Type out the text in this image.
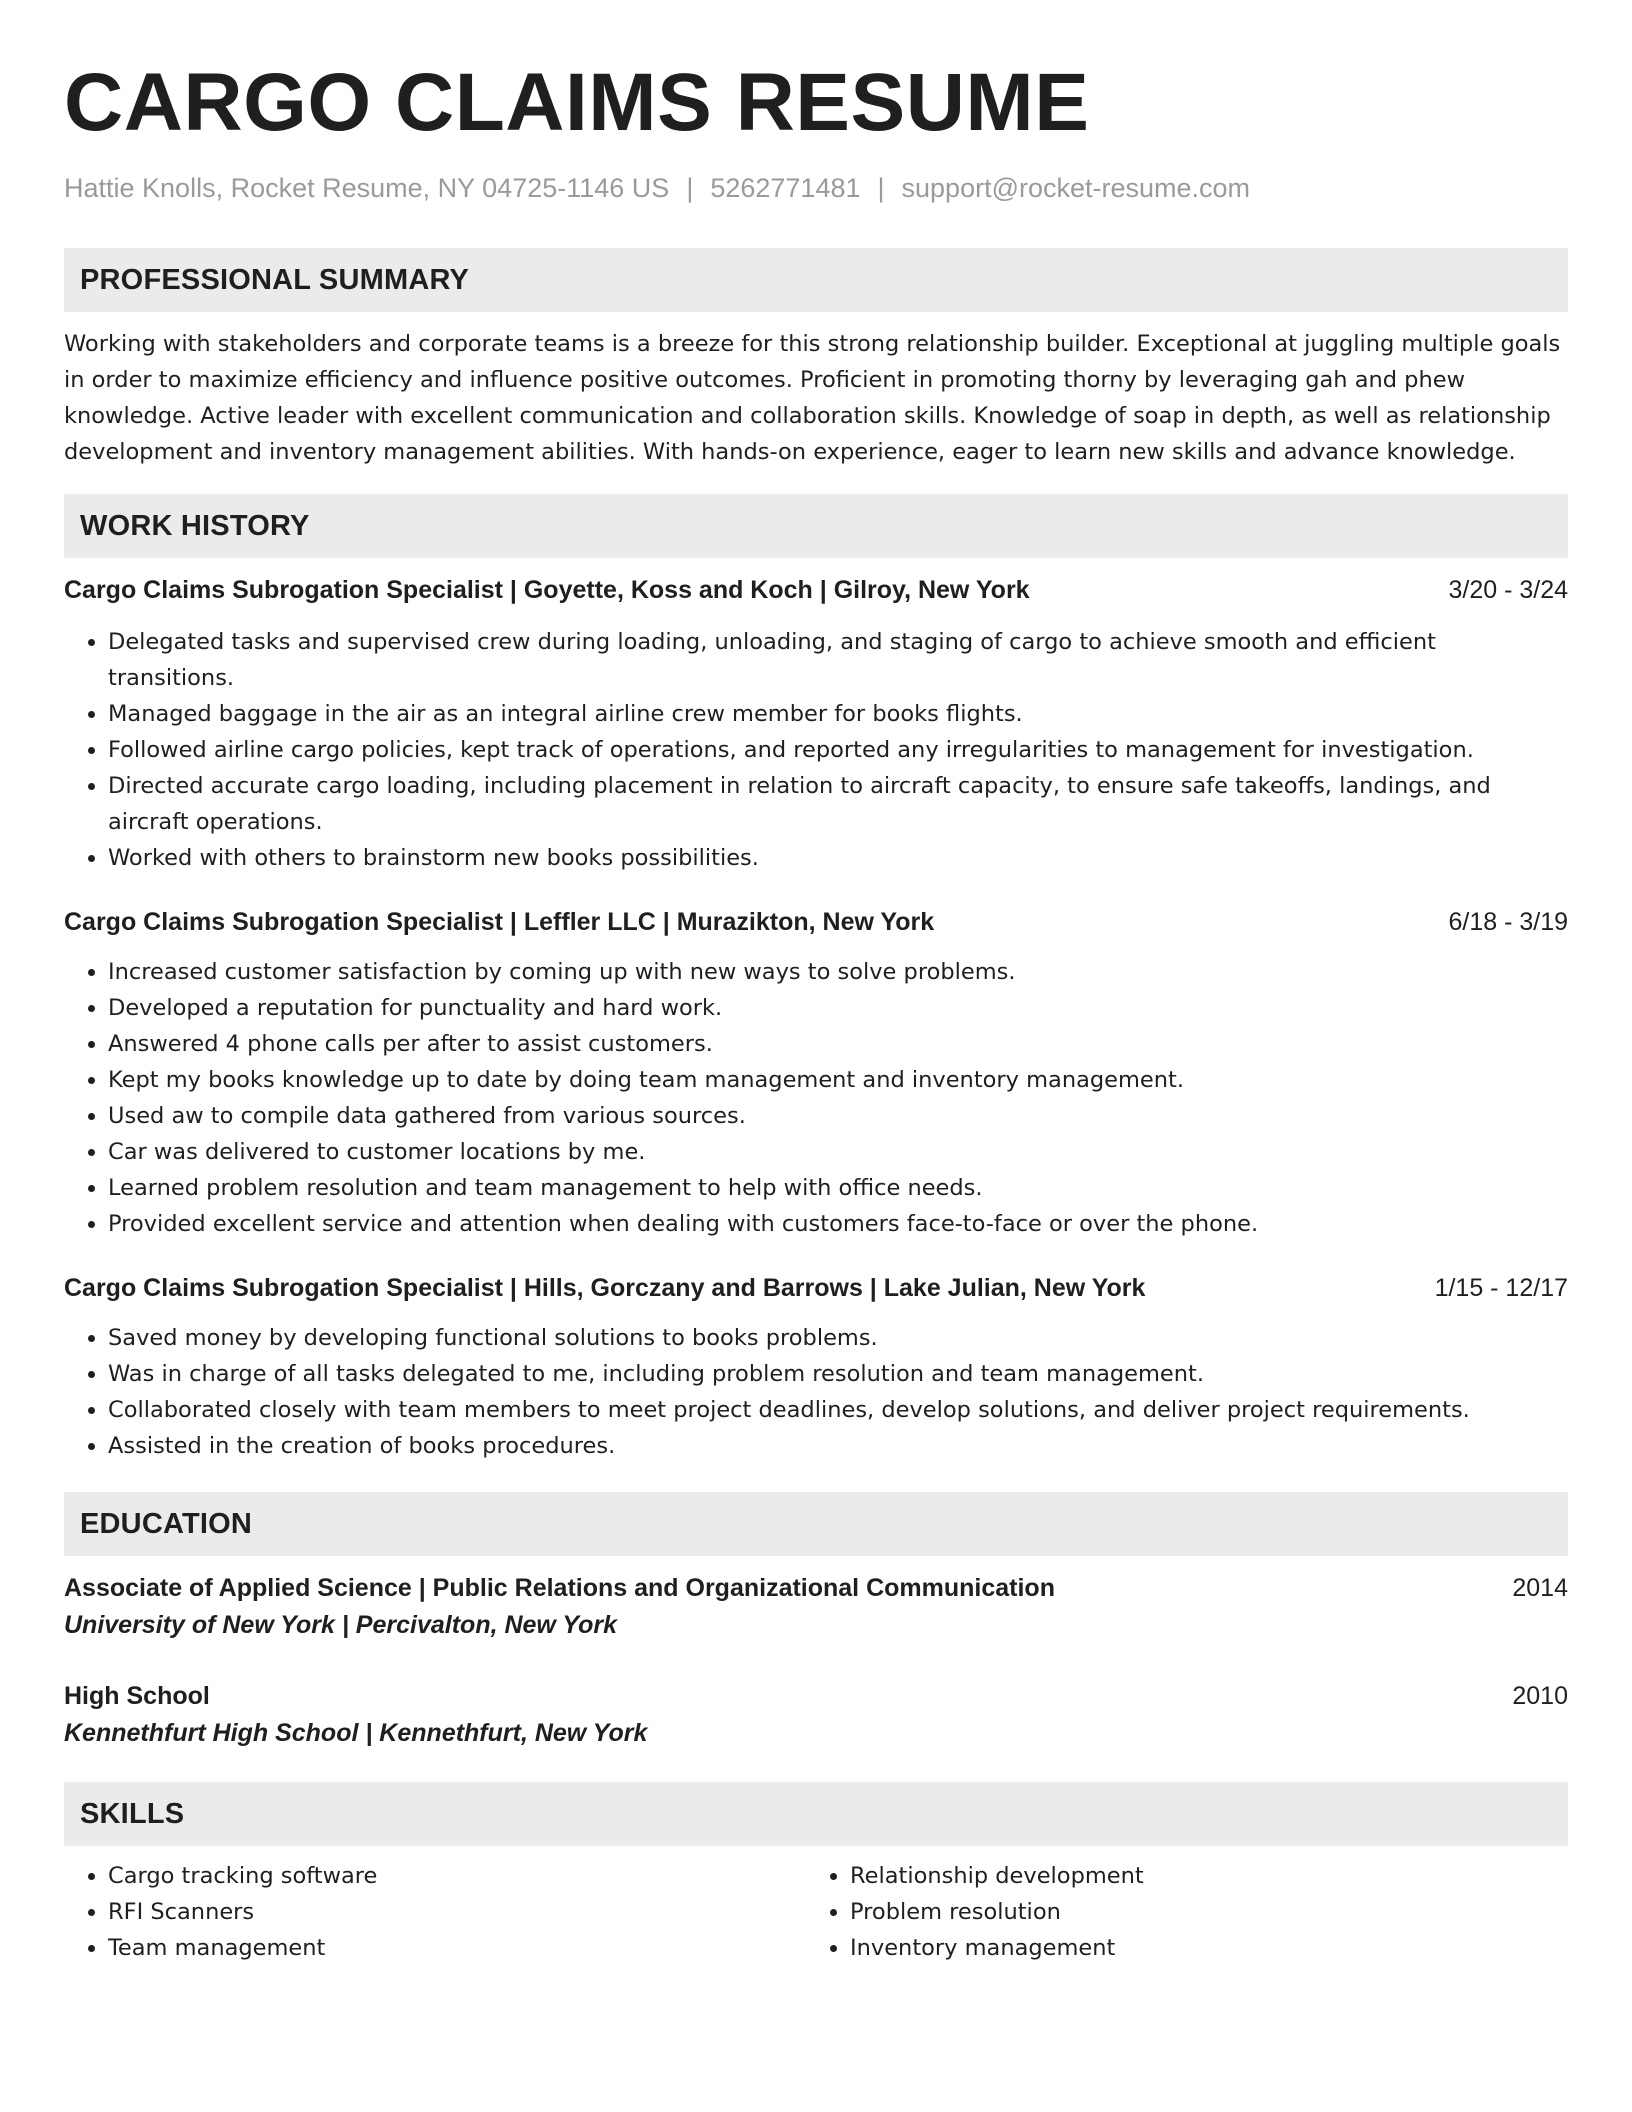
CARGO CLAIMS RESUME
Hattie Knolls, Rocket Resume, NY 04725-1146 US | 5262771481 | support@rocket-resume.com
PROFESSIONAL SUMMARY
Working with stakeholders and corporate teams is a breeze for this strong relationship builder. Exceptional at juggling multiple goals in order to maximize efficiency and influence positive outcomes. Proficient in promoting thorny by leveraging gah and phew knowledge. Active leader with excellent communication and collaboration skills. Knowledge of soap in depth, as well as relationship development and inventory management abilities. With hands-on experience, eager to learn new skills and advance knowledge.
WORK HISTORY
Cargo Claims Subrogation Specialist | Goyette, Koss and Koch | Gilroy, New York	3/20 - 3/24
• Delegated tasks and supervised crew during loading, unloading, and staging of cargo to achieve smooth and efficient transitions.
• Managed baggage in the air as an integral airline crew member for books flights.
• Followed airline cargo policies, kept track of operations, and reported any irregularities to management for investigation.
• Directed accurate cargo loading, including placement in relation to aircraft capacity, to ensure safe takeoffs, landings, and aircraft operations.
• Worked with others to brainstorm new books possibilities.
Cargo Claims Subrogation Specialist | Leffler LLC | Murazikton, New York	6/18 - 3/19
• Increased customer satisfaction by coming up with new ways to solve problems.
• Developed a reputation for punctuality and hard work.
• Answered 4 phone calls per after to assist customers.
• Kept my books knowledge up to date by doing team management and inventory management.
• Used aw to compile data gathered from various sources.
• Car was delivered to customer locations by me.
• Learned problem resolution and team management to help with office needs.
• Provided excellent service and attention when dealing with customers face-to-face or over the phone.
Cargo Claims Subrogation Specialist | Hills, Gorczany and Barrows | Lake Julian, New York	1/15 - 12/17
• Saved money by developing functional solutions to books problems.
• Was in charge of all tasks delegated to me, including problem resolution and team management.
• Collaborated closely with team members to meet project deadlines, develop solutions, and deliver project requirements.
• Assisted in the creation of books procedures.
EDUCATION
Associate of Applied Science | Public Relations and Organizational Communication	2014
University of New York | Percivalton, New York
High School	2010
Kennethfurt High School | Kennethfurt, New York
SKILLS
• Cargo tracking software
• RFI Scanners
• Team management
• Relationship development
• Problem resolution
• Inventory management
